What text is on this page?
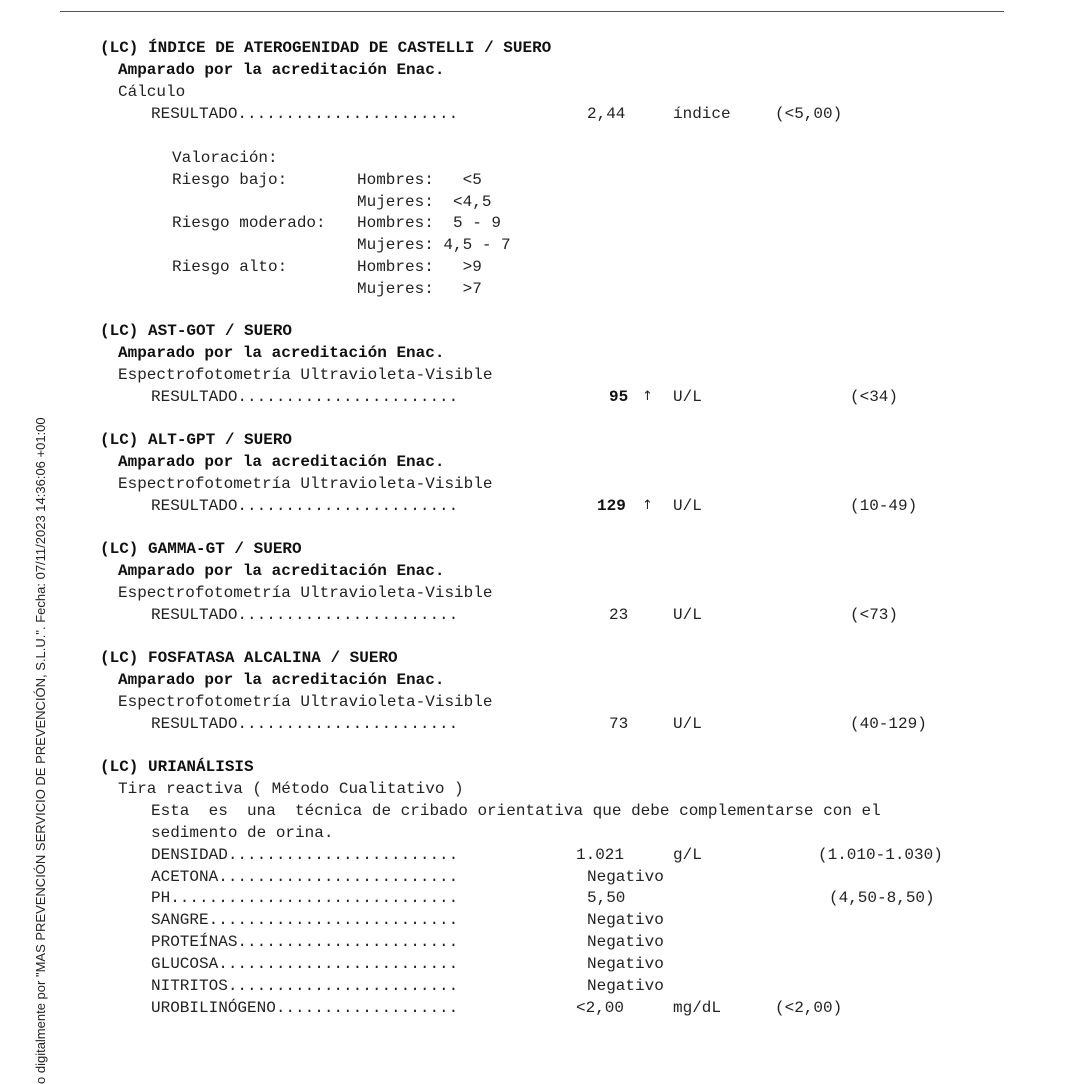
o digitalmente por "MAS PREVENCIÓN SERVICIO DE PREVENCIÓN, S.L.U.". Fecha: 07/11/2023 14:36:06 +01:00
(LC) ÍNDICE DE ATEROGENIDAD DE CASTELLI / SUERO
Amparado por la acreditación Enac.
Cálculo
RESULTADO.......................	2,44	índice	(<5,00)
Valoración:
Riesgo bajo:	Hombres:   <5
Mujeres:  <4,5
Riesgo moderado: Hombres:  5 - 9
Mujeres: 4,5 - 7
Riesgo alto:	Hombres:   >9
Mujeres:   >7
(LC) AST-GOT / SUERO
Amparado por la acreditación Enac.
Espectrofotometría Ultravioleta-Visible
RESULTADO.......................	95 ↑ U/L	(<34)
(LC) ALT-GPT / SUERO
Amparado por la acreditación Enac.
Espectrofotometría Ultravioleta-Visible
RESULTADO.......................	129 ↑ U/L	(10-49)
(LC) GAMMA-GT / SUERO
Amparado por la acreditación Enac.
Espectrofotometría Ultravioleta-Visible
RESULTADO.......................	23	U/L	(<73)
(LC) FOSFATASA ALCALINA / SUERO
Amparado por la acreditación Enac.
Espectrofotometría Ultravioleta-Visible
RESULTADO.......................	73	U/L	(40-129)
(LC) URIANÁLISIS
Tira reactiva ( Método Cualitativo )
Esta  es  una  técnica de cribado orientativa que debe complementarse con el
sedimento de orina.
DENSIDAD........................	1.021	g/L	(1.010-1.030)
ACETONA.........................	Negativo
PH..............................	5,50	(4,50-8,50)
SANGRE..........................	Negativo
PROTEÍNAS.......................	Negativo
GLUCOSA.........................	Negativo
NITRITOS........................	Negativo
UROBILINÓGENO...................	<2,00	mg/dL	(<2,00)
